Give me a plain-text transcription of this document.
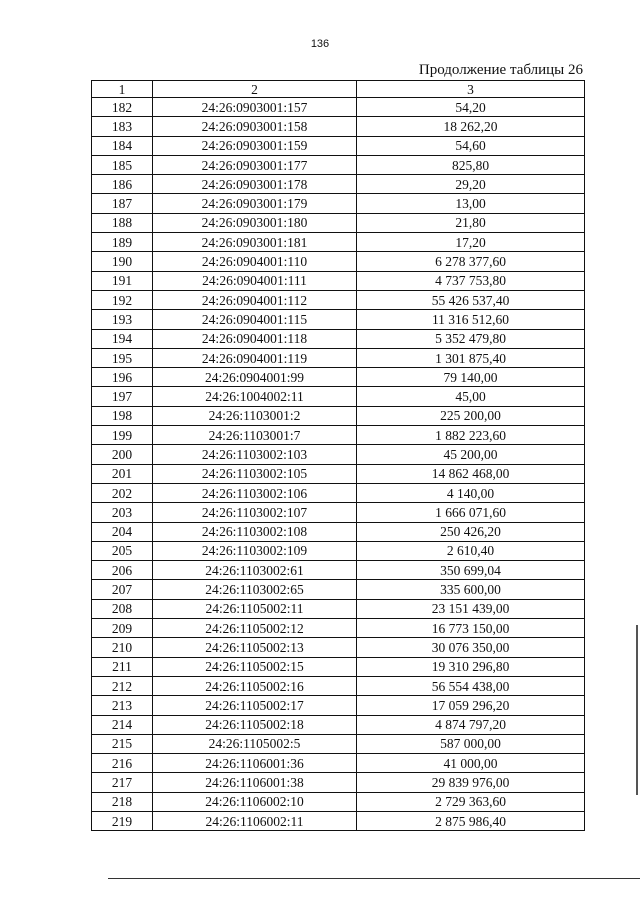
136
Продолжение таблицы 26
1	2	3
182	24:26:0903001:157	54,20
183	24:26:0903001:158	18 262,20
184	24:26:0903001:159	54,60
185	24:26:0903001:177	825,80
186	24:26:0903001:178	29,20
187	24:26:0903001:179	13,00
188	24:26:0903001:180	21,80
189	24:26:0903001:181	17,20
190	24:26:0904001:110	6 278 377,60
191	24:26:0904001:111	4 737 753,80
192	24:26:0904001:112	55 426 537,40
193	24:26:0904001:115	11 316 512,60
194	24:26:0904001:118	5 352 479,80
195	24:26:0904001:119	1 301 875,40
196	24:26:0904001:99	79 140,00
197	24:26:1004002:11	45,00
198	24:26:1103001:2	225 200,00
199	24:26:1103001:7	1 882 223,60
200	24:26:1103002:103	45 200,00
201	24:26:1103002:105	14 862 468,00
202	24:26:1103002:106	4 140,00
203	24:26:1103002:107	1 666 071,60
204	24:26:1103002:108	250 426,20
205	24:26:1103002:109	2 610,40
206	24:26:1103002:61	350 699,04
207	24:26:1103002:65	335 600,00
208	24:26:1105002:11	23 151 439,00
209	24:26:1105002:12	16 773 150,00
210	24:26:1105002:13	30 076 350,00
211	24:26:1105002:15	19 310 296,80
212	24:26:1105002:16	56 554 438,00
213	24:26:1105002:17	17 059 296,20
214	24:26:1105002:18	4 874 797,20
215	24:26:1105002:5	587 000,00
216	24:26:1106001:36	41 000,00
217	24:26:1106001:38	29 839 976,00
218	24:26:1106002:10	2 729 363,60
219	24:26:1106002:11	2 875 986,40
